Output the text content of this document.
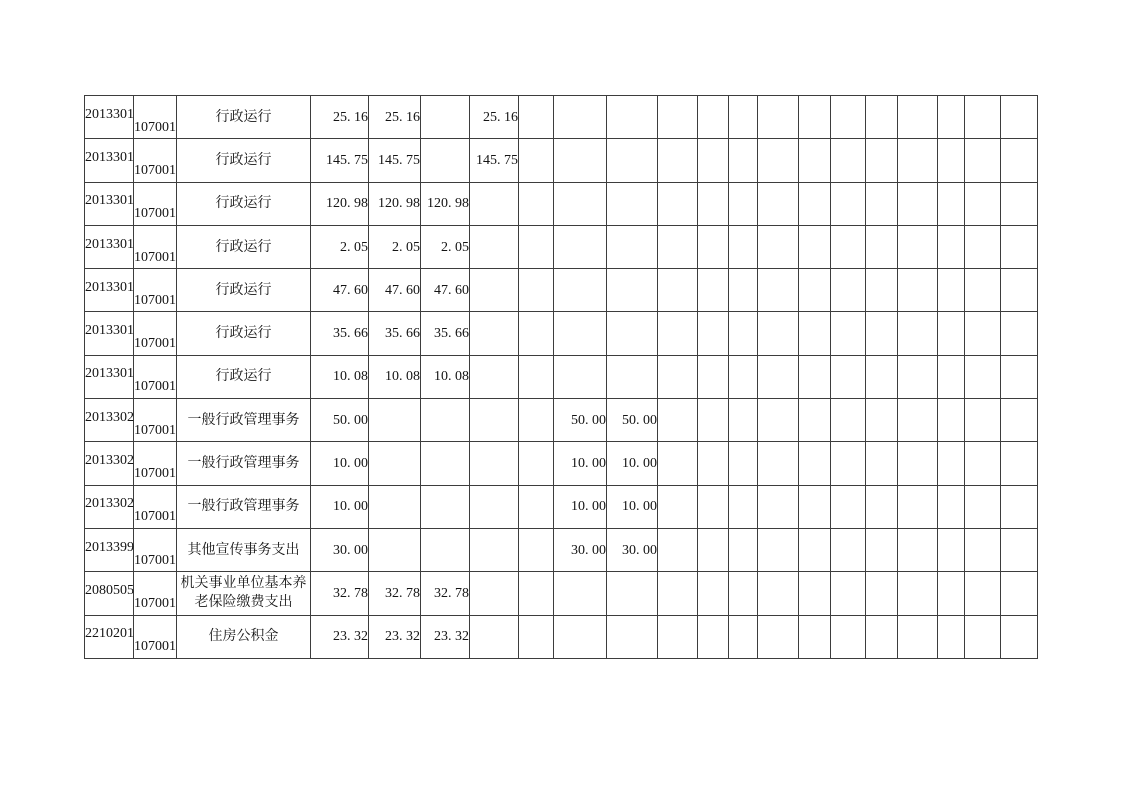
2013301	107001	行政运行	25. 16	25. 16		25. 16														
2013301	107001	行政运行	145. 75	145. 75		145. 75														
2013301	107001	行政运行	120. 98	120. 98	120. 98															
2013301	107001	行政运行	2. 05	2. 05	2. 05															
2013301	107001	行政运行	47. 60	47. 60	47. 60															
2013301	107001	行政运行	35. 66	35. 66	35. 66															
2013301	107001	行政运行	10. 08	10. 08	10. 08															
2013302	107001	一般行政管理事务	50. 00					50. 00	50. 00											
2013302	107001	一般行政管理事务	10. 00					10. 00	10. 00											
2013302	107001	一般行政管理事务	10. 00					10. 00	10. 00											
2013399	107001	其他宣传事务支出	30. 00					30. 00	30. 00											
2080505	107001	机关事业单位基本养老保险缴费支出	32. 78	32. 78	32. 78															
2210201	107001	住房公积金	23. 32	23. 32	23. 32															
